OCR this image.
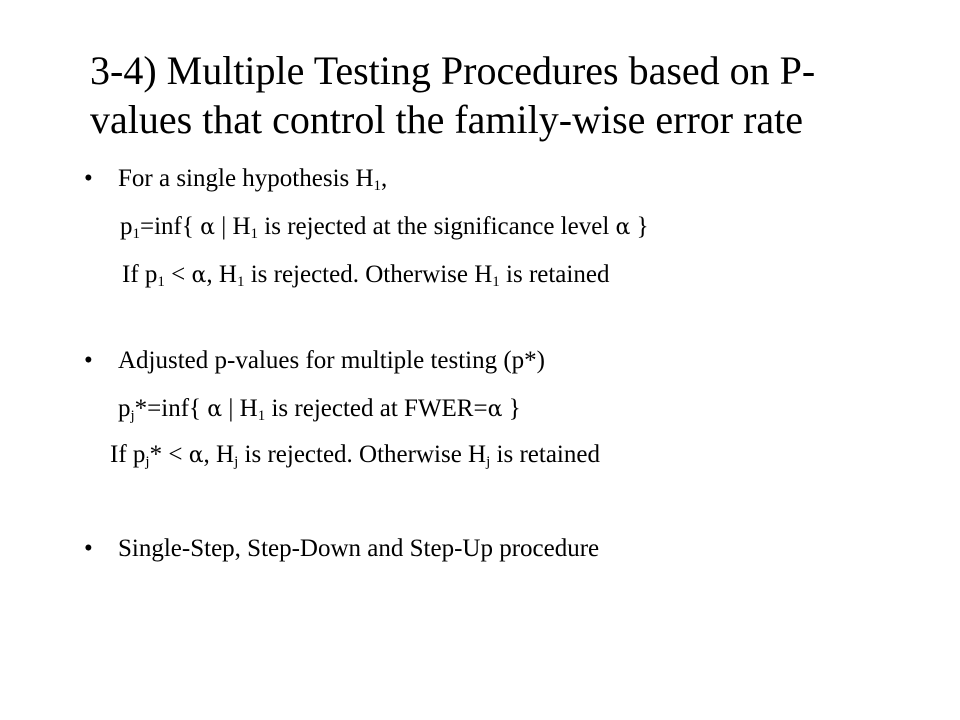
3-4) Multiple Testing Procedures based on P-
values that control the family-wise error rate
• For a single hypothesis $H_1$,
$p_1=inf${ α | $H_1$ is rejected at the significance level α }
If $p_1 < \alpha$, $H_1$ is rejected. Otherwise $H_1$ is retained
• Adjusted p-values for multiple testing (p*)
$p_j*=inf${ α | $H_1$ is rejected at FWER=α }
If $p_j* < \alpha$, $H_j$ is rejected. Otherwise $H_j$ is retained
• Single-Step, Step-Down and Step-Up procedure
